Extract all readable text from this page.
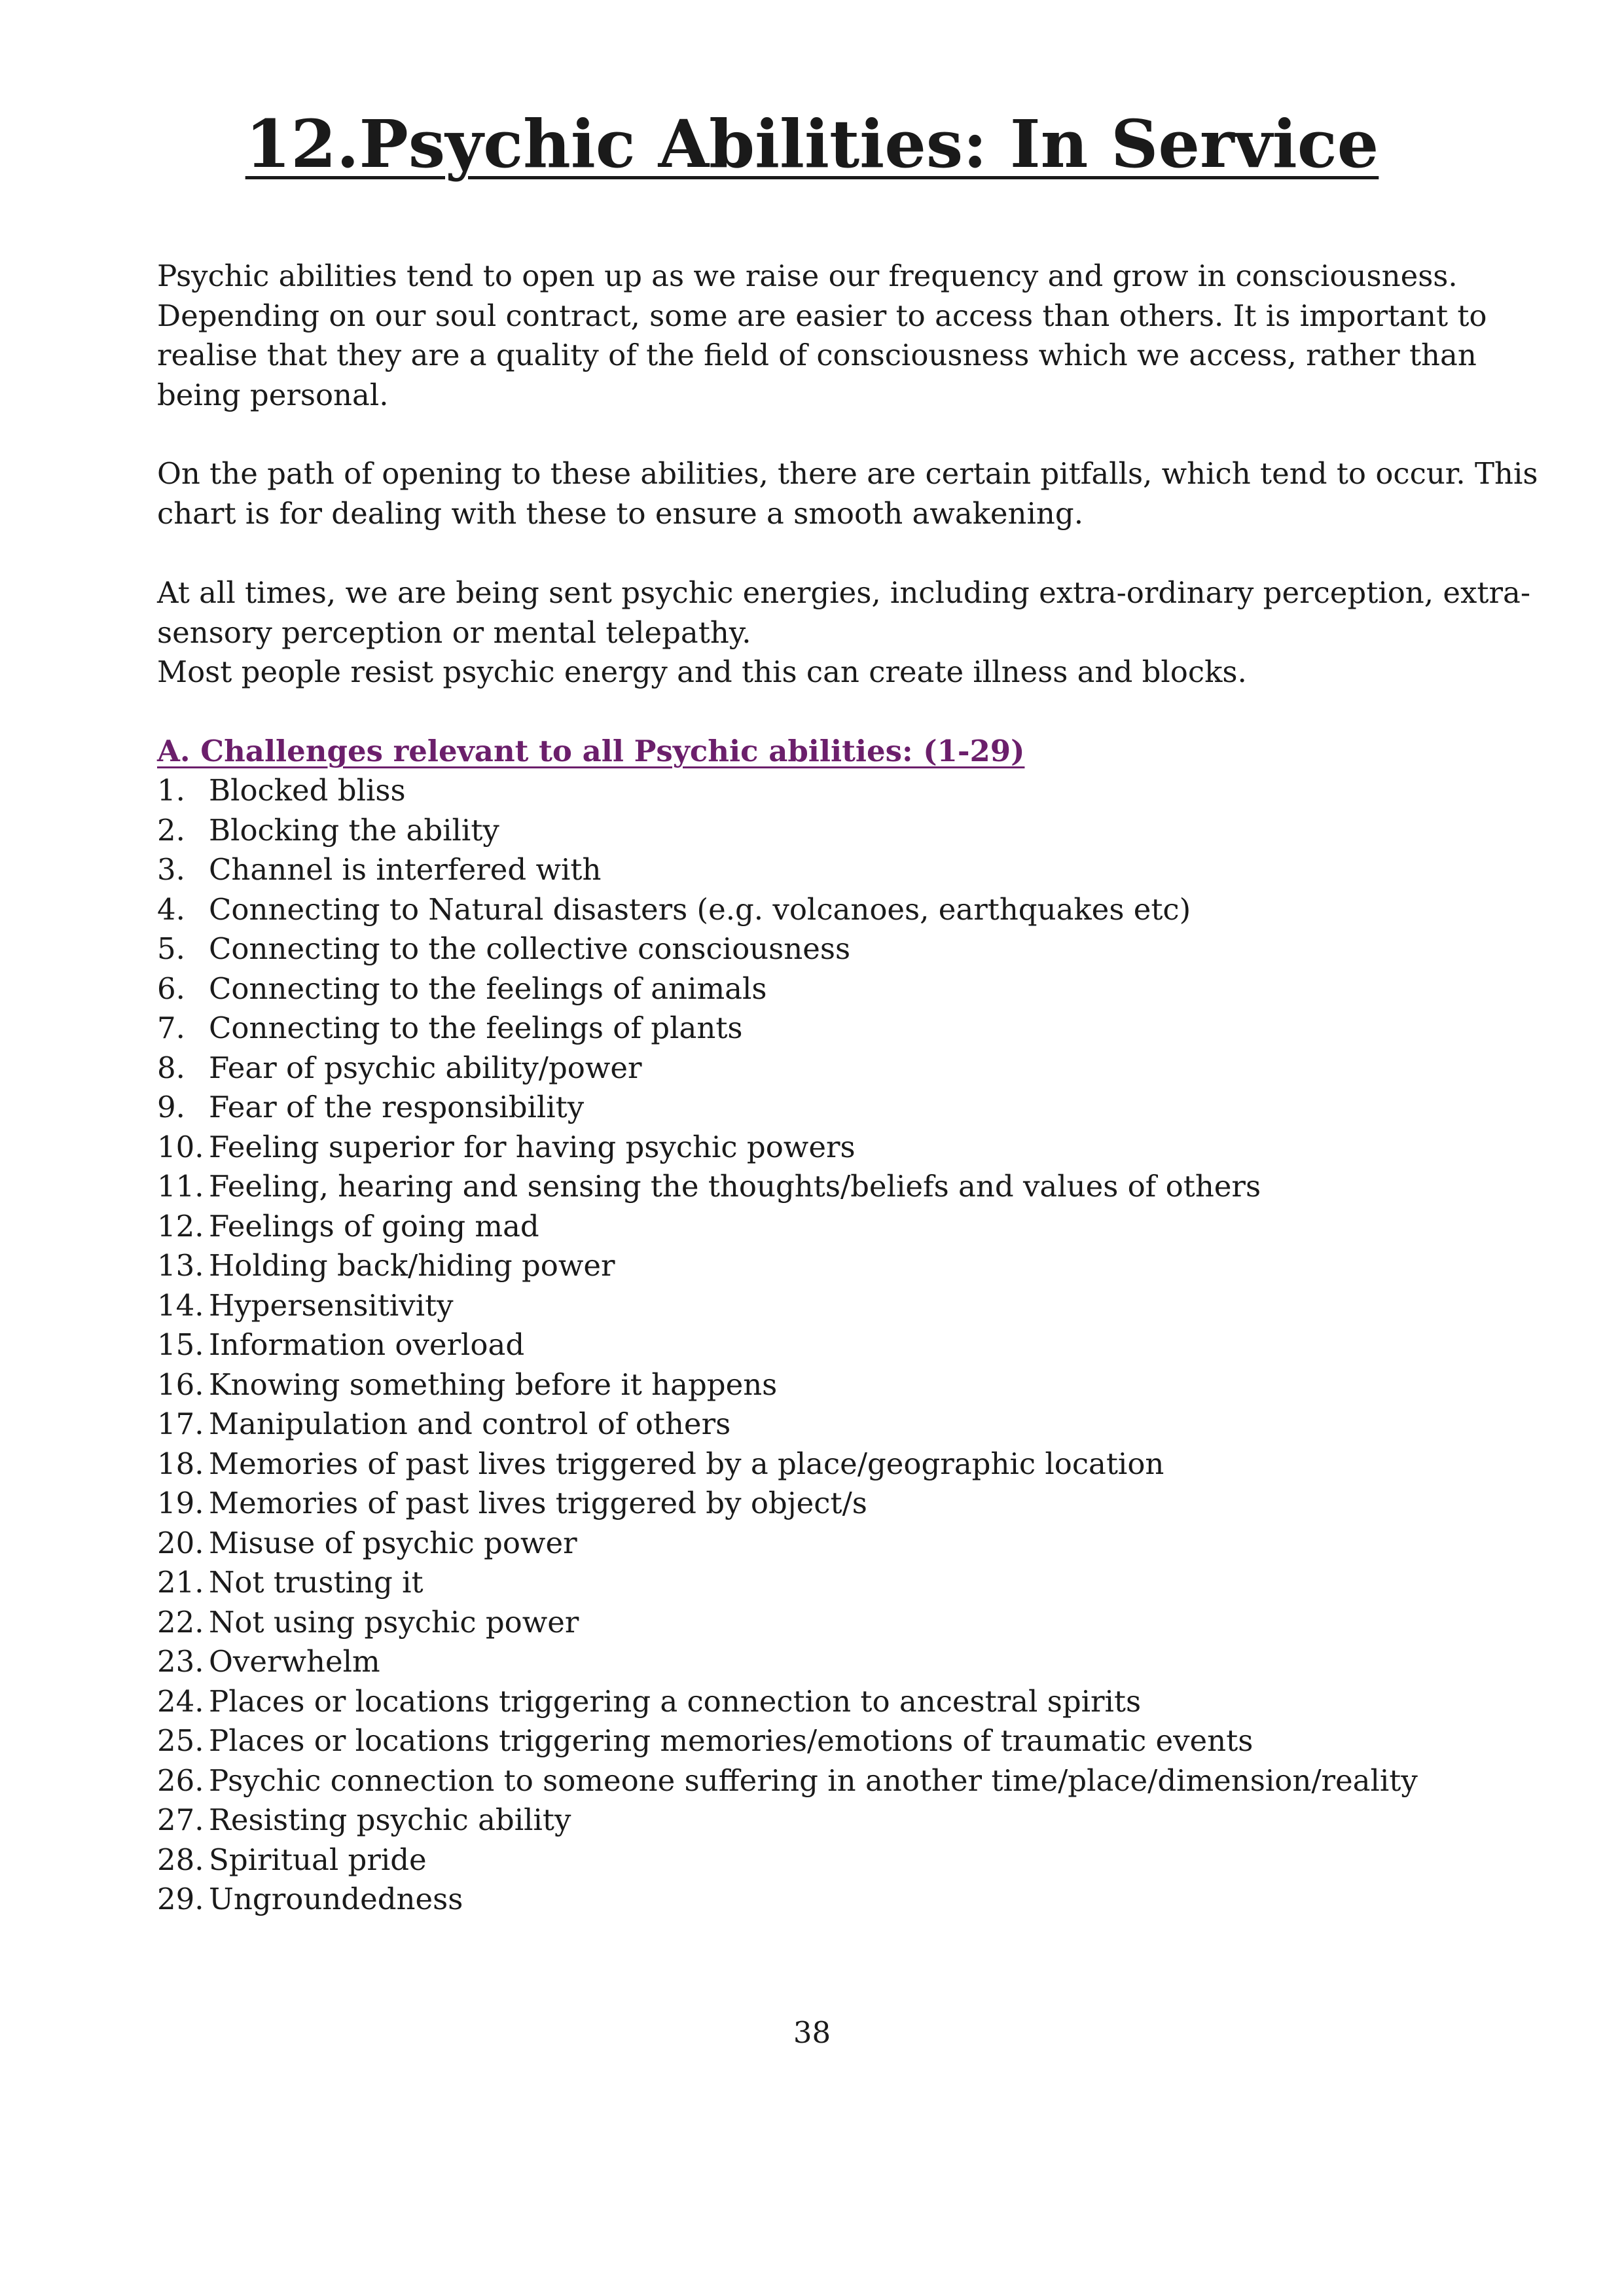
12.Psychic Abilities: In Service

Psychic abilities tend to open up as we raise our frequency and grow in consciousness. Depending on our soul contract, some are easier to access than others. It is important to realise that they are a quality of the field of consciousness which we access, rather than being personal.

On the path of opening to these abilities, there are certain pitfalls, which tend to occur. This chart is for dealing with these to ensure a smooth awakening.

At all times, we are being sent psychic energies, including extra-ordinary perception, extra-sensory perception or mental telepathy.

Most people resist psychic energy and this can create illness and blocks.

A. Challenges relevant to all Psychic abilities: (1-29)
1. Blocked bliss
2. Blocking the ability
3. Channel is interfered with
4. Connecting to Natural disasters (e.g. volcanoes, earthquakes etc)
5. Connecting to the collective consciousness
6. Connecting to the feelings of animals
7. Connecting to the feelings of plants
8. Fear of psychic ability/power
9. Fear of the responsibility
10. Feeling superior for having psychic powers
11. Feeling, hearing and sensing the thoughts/beliefs and values of others
12. Feelings of going mad
13. Holding back/hiding power
14. Hypersensitivity
15. Information overload
16. Knowing something before it happens
17. Manipulation and control of others
18. Memories of past lives triggered by a place/geographic location
19. Memories of past lives triggered by object/s
20. Misuse of psychic power
21. Not trusting it
22. Not using psychic power
23. Overwhelm
24. Places or locations triggering a connection to ancestral spirits
25. Places or locations triggering memories/emotions of traumatic events
26. Psychic connection to someone suffering in another time/place/dimension/reality
27. Resisting psychic ability
28. Spiritual pride
29. Ungroundedness

38
